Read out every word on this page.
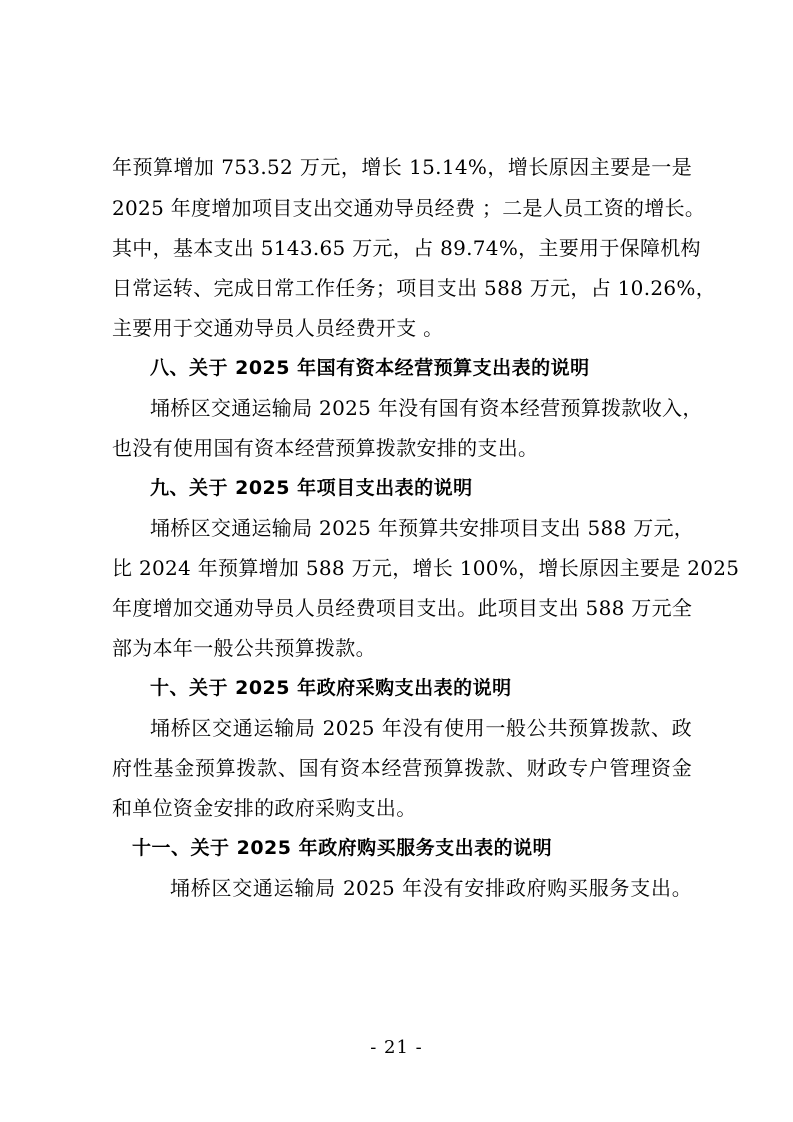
年预算增加 753.52 万元，增长 15.14%，增长原因主要是一是
2025 年度增加项目支出交通劝导员经费 ；二是人员工资的增长。
其中，基本支出 5143.65 万元，占 89.74%，主要用于保障机构
日常运转、完成日常工作任务；项目支出 588 万元，占 10.26%，
主要用于交通劝导员人员经费开支 。
八、关于 2025 年国有资本经营预算支出表的说明
埇桥区交通运输局 2025 年没有国有资本经营预算拨款收入，
也没有使用国有资本经营预算拨款安排的支出。
九、关于 2025 年项目支出表的说明
埇桥区交通运输局 2025 年预算共安排项目支出 588 万元，
比 2024 年预算增加 588 万元，增长 100%，增长原因主要是 2025
年度增加交通劝导员人员经费项目支出。此项目支出 588 万元全
部为本年一般公共预算拨款。
十、关于 2025 年政府采购支出表的说明
埇桥区交通运输局 2025 年没有使用一般公共预算拨款、政
府性基金预算拨款、国有资本经营预算拨款、财政专户管理资金
和单位资金安排的政府采购支出。
十一、关于 2025 年政府购买服务支出表的说明
埇桥区交通运输局 2025 年没有安排政府购买服务支出。
- 21 -
